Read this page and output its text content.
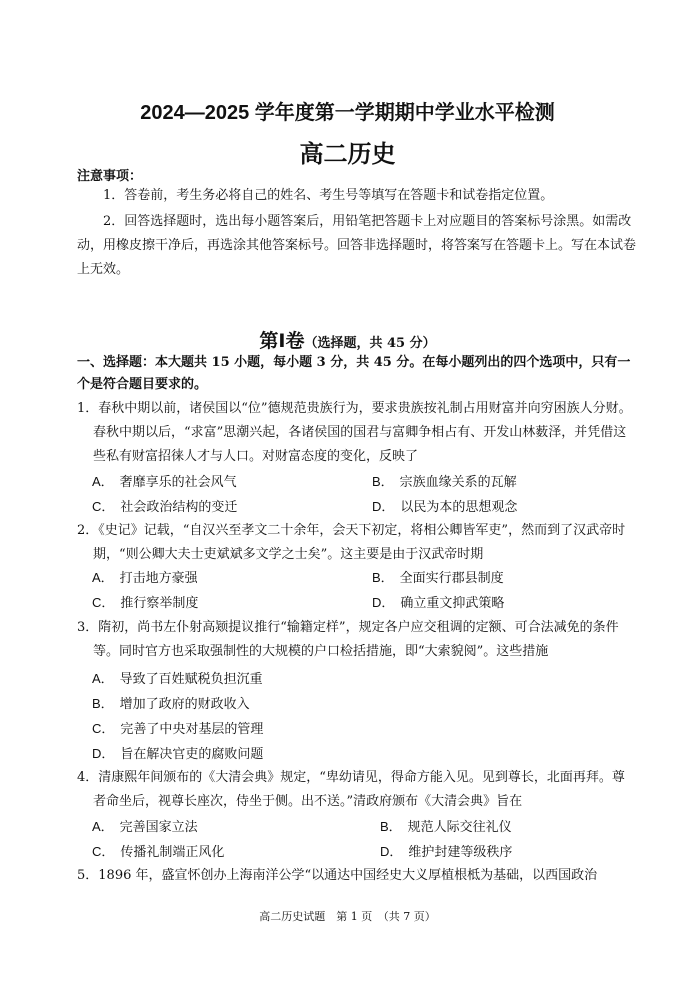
2024—2025 学年度第一学期期中学业水平检测
高二历史
注意事项：
1．答卷前，考生务必将自己的姓名、考生号等填写在答题卡和试卷指定位置。
2．回答选择题时，选出每小题答案后，用铅笔把答题卡上对应题目的答案标号涂黑。如需改动，用橡皮擦干净后，再选涂其他答案标号。回答非选择题时，将答案写在答题卡上。写在本试卷上无效。
第Ⅰ卷（选择题，共 45 分）
一、选择题：本大题共 15 小题，每小题 3 分，共 45 分。在每小题列出的四个选项中，只有一个是符合题目要求的。
1．春秋中期以前，诸侯国以“位”德规范贵族行为，要求贵族按礼制占用财富并向穷困族人分财。春秋中期以后，“求富”思潮兴起，各诸侯国的国君与富卿争相占有、开发山林薮泽，并凭借这些私有财富招徕人才与人口。对财富态度的变化，反映了
A． 奢靡享乐的社会风气	B． 宗族血缘关系的瓦解
C． 社会政治结构的变迁	D． 以民为本的思想观念
2．《史记》记载，“自汉兴至孝文二十余年，会天下初定，将相公卿皆军吏”，然而到了汉武帝时期，“则公卿大夫士吏斌斌多文学之士矣”。这主要是由于汉武帝时期
A． 打击地方豪强	B． 全面实行郡县制度
C． 推行察举制度	D． 确立重文抑武策略
3．隋初，尚书左仆射高颎提议推行“输籍定样”，规定各户应交租调的定额、可合法减免的条件等。同时官方也采取强制性的大规模的户口检括措施，即“大索貌阅”。这些措施
A． 导致了百姓赋税负担沉重
B． 增加了政府的财政收入
C． 完善了中央对基层的管理
D． 旨在解决官吏的腐败问题
4．清康熙年间颁布的《大清会典》规定，“卑幼请见，得命方能入见。见到尊长，北面再拜。尊者命坐后，视尊长座次，侍坐于侧。出不送。”清政府颁布《大清会典》旨在
A． 完善国家立法	B． 规范人际交往礼仪
C． 传播礼制端正风化	D． 维护封建等级秩序
5．1896 年，盛宣怀创办上海南洋公学“以通达中国经史大义厚植根柢为基础，以西国政治
高二历史试题　第 1 页　（共 7 页）
